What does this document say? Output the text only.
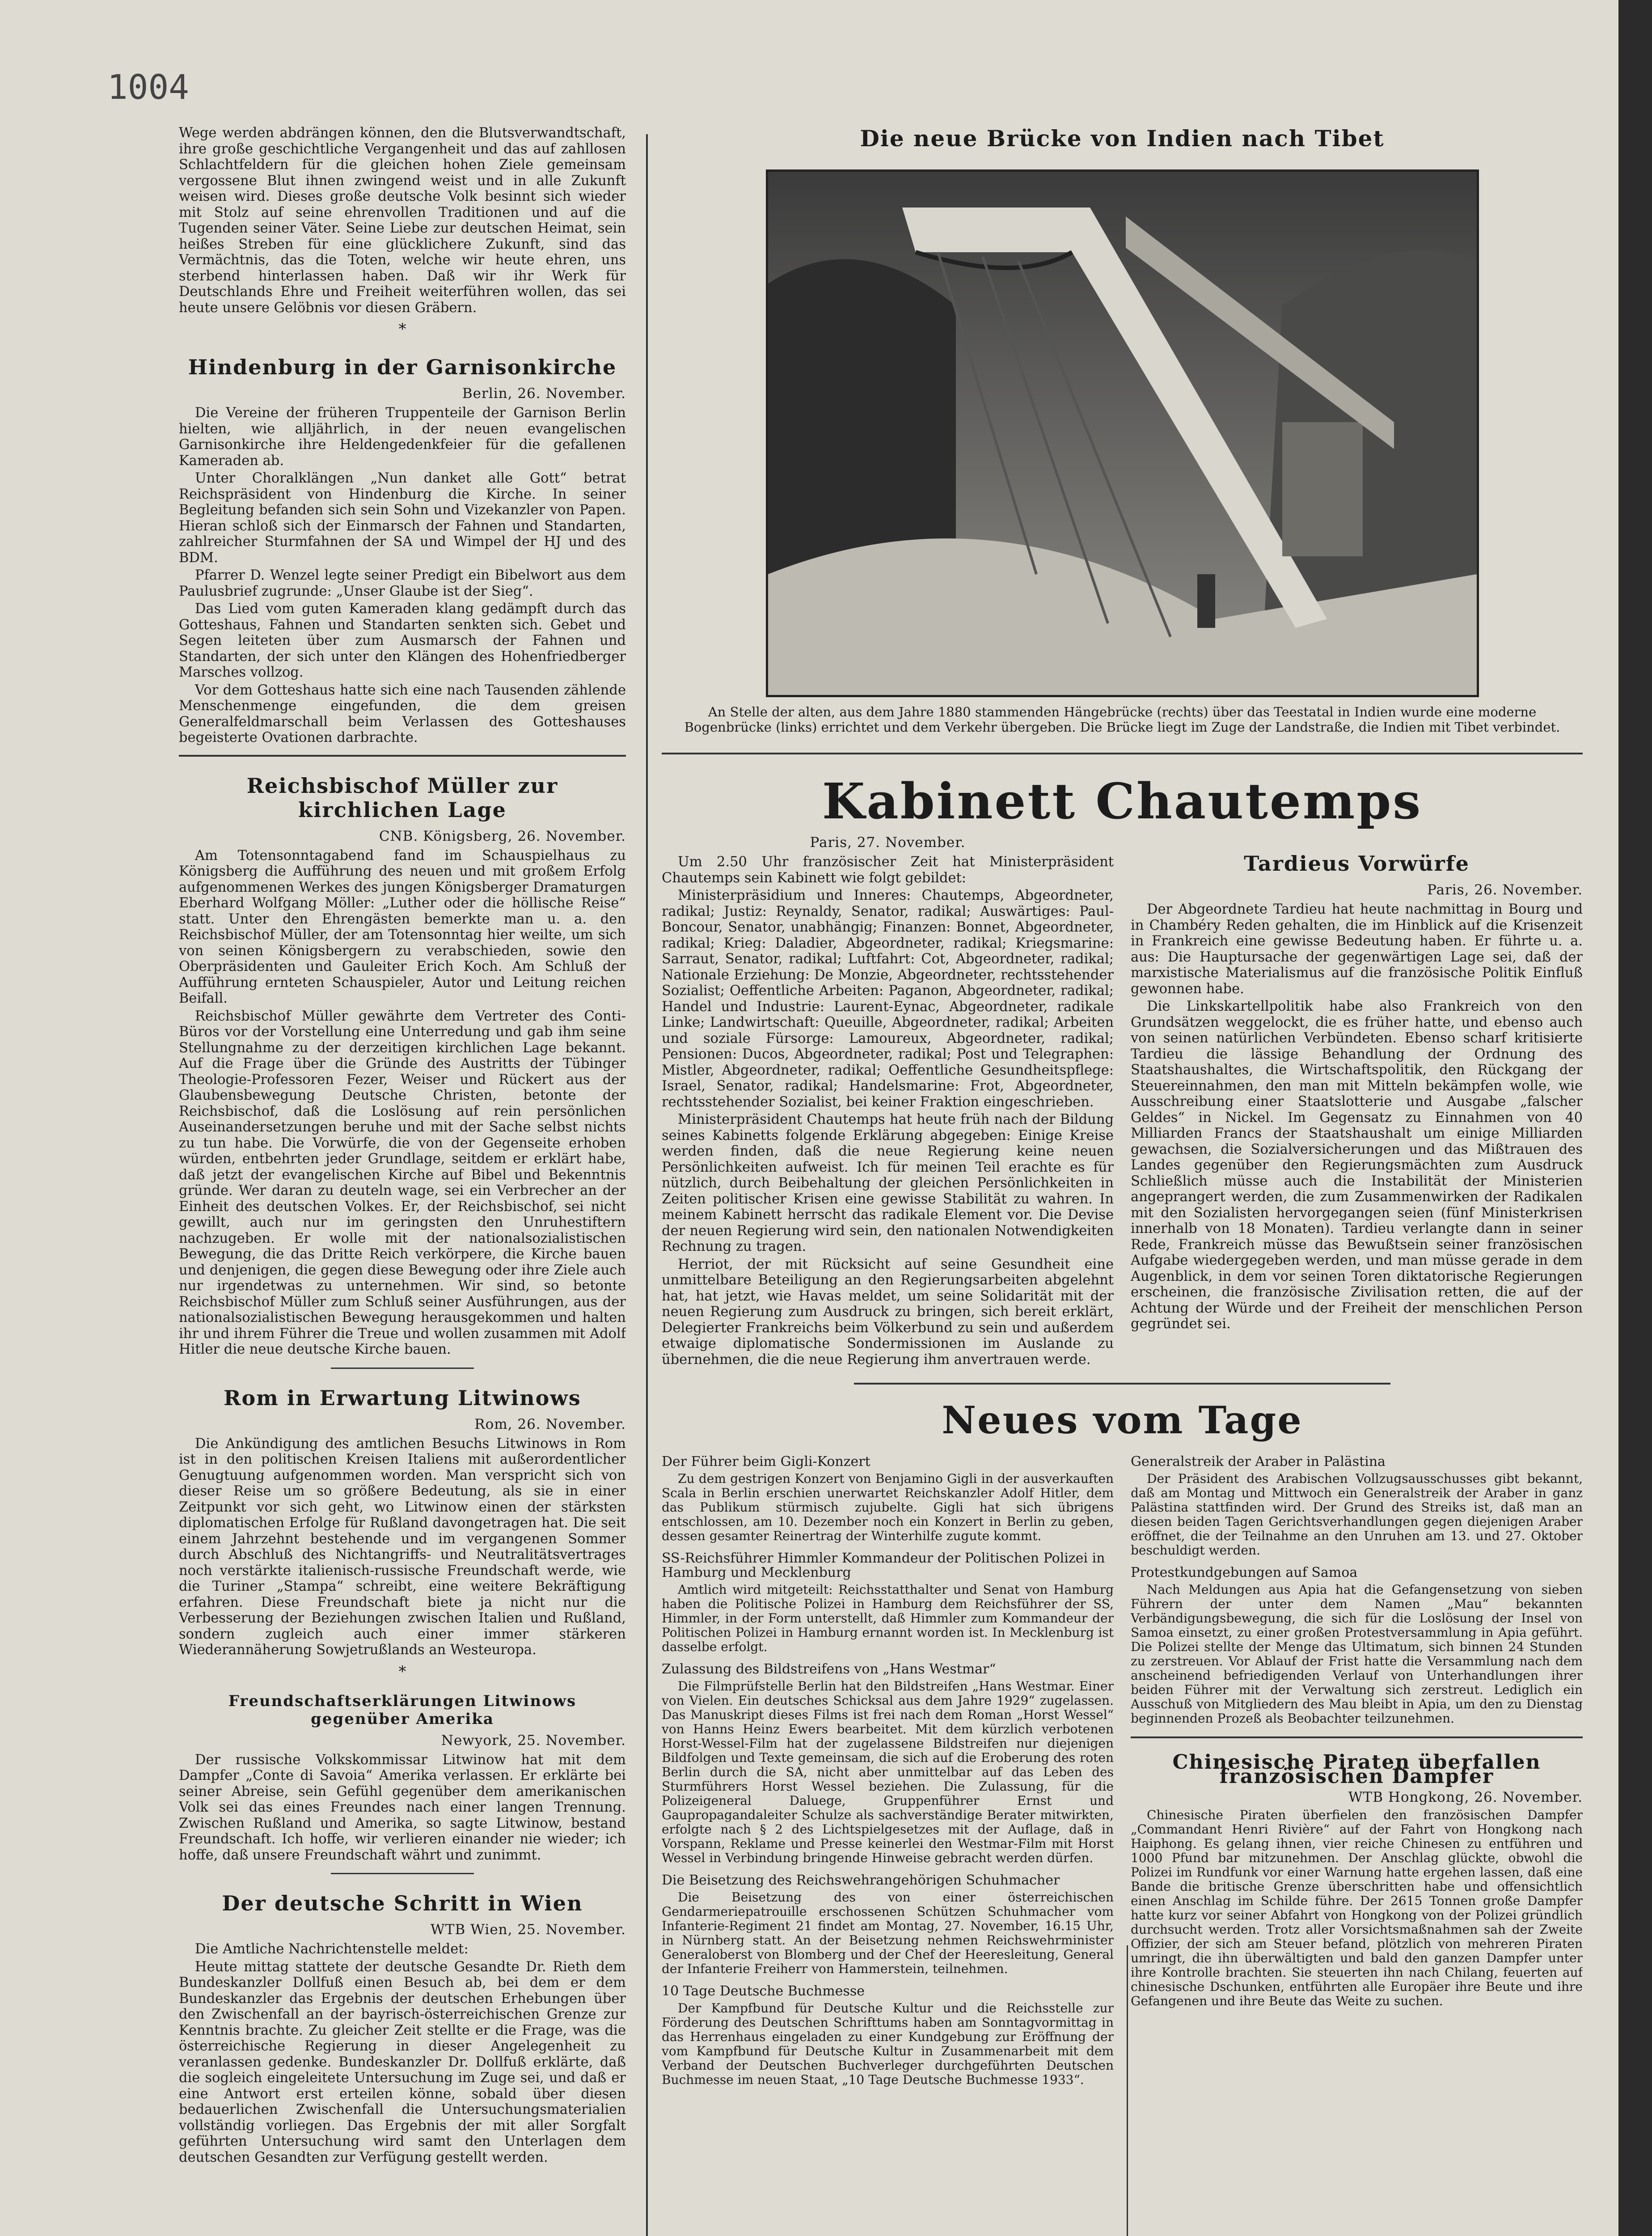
1004

Wege werden abdrängen können, den die Blutsverwandtschaft, ihre große geschichtliche Vergangenheit und das auf zahllosen Schlachtfeldern für die gleichen hohen Ziele gemeinsam vergossene Blut ihnen zwingend weist und in alle Zukunft weisen wird. Dieses große deutsche Volk besinnt sich wieder mit Stolz auf seine ehrenvollen Traditionen und auf die Tugenden seiner Väter. Seine Liebe zur deutschen Heimat, sein heißes Streben für eine glücklichere Zukunft, sind das Vermächtnis, das die Toten, welche wir heute ehren, uns sterbend hinterlassen haben. Daß wir ihr Werk für Deutschlands Ehre und Freiheit weiterführen wollen, das sei heute unsere Gelöbnis vor diesen Gräbern.

*
Hindenburg in der Garnisonkirche
Berlin, 26. November.

Die Vereine der früheren Truppenteile der Garnison Berlin hielten, wie alljährlich, in der neuen evangelischen Garnisonkirche ihre Heldengedenkfeier für die gefallenen Kameraden ab.

Unter Choralklängen „Nun danket alle Gott“ betrat Reichspräsident von Hindenburg die Kirche. In seiner Begleitung befanden sich sein Sohn und Vizekanzler von Papen. Hieran schloß sich der Einmarsch der Fahnen und Standarten, zahlreicher Sturmfahnen der SA und Wimpel der HJ und des BDM.

Pfarrer D. Wenzel legte seiner Predigt ein Bibelwort aus dem Paulusbrief zugrunde: „Unser Glaube ist der Sieg“.

Das Lied vom guten Kameraden klang gedämpft durch das Gotteshaus, Fahnen und Standarten senkten sich. Gebet und Segen leiteten über zum Ausmarsch der Fahnen und Standarten, der sich unter den Klängen des Hohenfriedberger Marsches vollzog.

Vor dem Gotteshaus hatte sich eine nach Tausenden zählende Menschenmenge eingefunden, die dem greisen Generalfeldmarschall beim Verlassen des Gotteshauses begeisterte Ovationen darbrachte.

Reichsbischof Müller zur kirchlichen Lage
CNB. Königsberg, 26. November.

Am Totensonntagabend fand im Schauspielhaus zu Königsberg die Aufführung des neuen und mit großem Erfolg aufgenommenen Werkes des jungen Königsberger Dramaturgen Eberhard Wolfgang Möller: „Luther oder die höllische Reise“ statt. Unter den Ehrengästen bemerkte man u. a. den Reichsbischof Müller, der am Totensonntag hier weilte, um sich von seinen Königsbergern zu verabschieden, sowie den Oberpräsidenten und Gauleiter Erich Koch. Am Schluß der Aufführung ernteten Schauspieler, Autor und Leitung reichen Beifall.

Reichsbischof Müller gewährte dem Vertreter des Conti-Büros vor der Vorstellung eine Unterredung und gab ihm seine Stellungnahme zu der derzeitigen kirchlichen Lage bekannt. Auf die Frage über die Gründe des Austritts der Tübinger Theologie-Professoren Fezer, Weiser und Rückert aus der Glaubensbewegung Deutsche Christen, betonte der Reichsbischof, daß die Loslösung auf rein persönlichen Auseinandersetzungen beruhe und mit der Sache selbst nichts zu tun habe. Die Vorwürfe, die von der Gegenseite erhoben würden, entbehrten jeder Grundlage, seitdem er erklärt habe, daß jetzt der evangelischen Kirche auf Bibel und Bekenntnis gründe. Wer daran zu deuteln wage, sei ein Verbrecher an der Einheit des deutschen Volkes. Er, der Reichsbischof, sei nicht gewillt, auch nur im geringsten den Unruhestiftern nachzugeben. Er wolle mit der nationalsozialistischen Bewegung, die das Dritte Reich verkörpere, die Kirche bauen und denjenigen, die gegen diese Bewegung oder ihre Ziele auch nur irgendetwas zu unternehmen. Wir sind, so betonte Reichsbischof Müller zum Schluß seiner Ausführungen, aus der nationalsozialistischen Bewegung herausgekommen und halten ihr und ihrem Führer die Treue und wollen zusammen mit Adolf Hitler die neue deutsche Kirche bauen.

Rom in Erwartung Litwinows
Rom, 26. November.

Die Ankündigung des amtlichen Besuchs Litwinows in Rom ist in den politischen Kreisen Italiens mit außerordentlicher Genugtuung aufgenommen worden. Man verspricht sich von dieser Reise um so größere Bedeutung, als sie in einer Zeitpunkt vor sich geht, wo Litwinow einen der stärksten diplomatischen Erfolge für Rußland davongetragen hat. Die seit einem Jahrzehnt bestehende und im vergangenen Sommer durch Abschluß des Nichtangriffs- und Neutralitätsvertrages noch verstärkte italienisch-russische Freundschaft werde, wie die Turiner „Stampa“ schreibt, eine weitere Bekräftigung erfahren. Diese Freundschaft biete ja nicht nur die Verbesserung der Beziehungen zwischen Italien und Rußland, sondern zugleich auch einer immer stärkeren Wiederannäherung Sowjetrußlands an Westeuropa.

*
Freundschaftserklärungen Litwinows gegenüber Amerika
Newyork, 25. November.

Der russische Volkskommissar Litwinow hat mit dem Dampfer „Conte di Savoia“ Amerika verlassen. Er erklärte bei seiner Abreise, sein Gefühl gegenüber dem amerikanischen Volk sei das eines Freundes nach einer langen Trennung. Zwischen Rußland und Amerika, so sagte Litwinow, bestand Freundschaft. Ich hoffe, wir verlieren einander nie wieder; ich hoffe, daß unsere Freundschaft währt und zunimmt.

Der deutsche Schritt in Wien
WTB Wien, 25. November.

Die Amtliche Nachrichtenstelle meldet:

Heute mittag stattete der deutsche Gesandte Dr. Rieth dem Bundeskanzler Dollfuß einen Besuch ab, bei dem er dem Bundeskanzler das Ergebnis der deutschen Erhebungen über den Zwischenfall an der bayrisch-österreichischen Grenze zur Kenntnis brachte. Zu gleicher Zeit stellte er die Frage, was die österreichische Regierung in dieser Angelegenheit zu veranlassen gedenke. Bundeskanzler Dr. Dollfuß erklärte, daß die sogleich eingeleitete Untersuchung im Zuge sei, und daß er eine Antwort erst erteilen könne, sobald über diesen bedauerlichen Zwischenfall die Untersuchungsmaterialien vollständig vorliegen. Das Ergebnis der mit aller Sorgfalt geführten Untersuchung wird samt den Unterlagen dem deutschen Gesandten zur Verfügung gestellt werden.

Die neue Brücke von Indien nach Tibet
An Stelle der alten, aus dem Jahre 1880 stammenden Hängebrücke (rechts) über das Teestatal in Indien wurde eine moderne Bogenbrücke (links) errichtet und dem Verkehr übergeben. Die Brücke liegt im Zuge der Landstraße, die Indien mit Tibet verbindet.
Kabinett Chautemps
Paris, 27. November.

Um 2.50 Uhr französischer Zeit hat Ministerpräsident Chautemps sein Kabinett wie folgt gebildet:

Ministerpräsidium und Inneres: Chautemps, Abgeordneter, radikal; Justiz: Reynaldy, Senator, radikal; Auswärtiges: Paul-Boncour, Senator, unabhängig; Finanzen: Bonnet, Abgeordneter, radikal; Krieg: Daladier, Abgeordneter, radikal; Kriegsmarine: Sarraut, Senator, radikal; Luftfahrt: Cot, Abgeordneter, radikal; Nationale Erziehung: De Monzie, Abgeordneter, rechtsstehender Sozialist; Oeffentliche Arbeiten: Paganon, Abgeordneter, radikal; Handel und Industrie: Laurent-Eynac, Abgeordneter, radikale Linke; Landwirtschaft: Queuille, Abgeordneter, radikal; Arbeiten und soziale Fürsorge: Lamoureux, Abgeordneter, radikal; Pensionen: Ducos, Abgeordneter, radikal; Post und Telegraphen: Mistler, Abgeordneter, radikal; Oeffentliche Gesundheitspflege: Israel, Senator, radikal; Handelsmarine: Frot, Abgeordneter, rechtsstehender Sozialist, bei keiner Fraktion eingeschrieben.

Ministerpräsident Chautemps hat heute früh nach der Bildung seines Kabinetts folgende Erklärung abgegeben: Einige Kreise werden finden, daß die neue Regierung keine neuen Persönlichkeiten aufweist. Ich für meinen Teil erachte es für nützlich, durch Beibehaltung der gleichen Persönlichkeiten in Zeiten politischer Krisen eine gewisse Stabilität zu wahren. In meinem Kabinett herrscht das radikale Element vor. Die Devise der neuen Regierung wird sein, den nationalen Notwendigkeiten Rechnung zu tragen.

Herriot, der mit Rücksicht auf seine Gesundheit eine unmittelbare Beteiligung an den Regierungsarbeiten abgelehnt hat, hat jetzt, wie Havas meldet, um seine Solidarität mit der neuen Regierung zum Ausdruck zu bringen, sich bereit erklärt, Delegierter Frankreichs beim Völkerbund zu sein und außerdem etwaige diplomatische Sondermissionen im Auslande zu übernehmen, die die neue Regierung ihm anvertrauen werde.

Tardieus Vorwürfe
Paris, 26. November.

Der Abgeordnete Tardieu hat heute nachmittag in Bourg und in Chambéry Reden gehalten, die im Hinblick auf die Krisenzeit in Frankreich eine gewisse Bedeutung haben. Er führte u. a. aus: Die Hauptursache der gegenwärtigen Lage sei, daß der marxistische Materialismus auf die französische Politik Einfluß gewonnen habe.

Die Linkskartellpolitik habe also Frankreich von den Grundsätzen weggelockt, die es früher hatte, und ebenso auch von seinen natürlichen Verbündeten. Ebenso scharf kritisierte Tardieu die lässige Behandlung der Ordnung des Staatshaushaltes, die Wirtschaftspolitik, den Rückgang der Steuereinnahmen, den man mit Mitteln bekämpfen wolle, wie Ausschreibung einer Staatslotterie und Ausgabe „falscher Geldes“ in Nickel. Im Gegensatz zu Einnahmen von 40 Milliarden Francs der Staatshaushalt um einige Milliarden gewachsen, die Sozialversicherungen und das Mißtrauen des Landes gegenüber den Regierungsmächten zum Ausdruck Schließlich müsse auch die Instabilität der Ministerien angeprangert werden, die zum Zusammenwirken der Radikalen mit den Sozialisten hervorgegangen seien (fünf Ministerkrisen innerhalb von 18 Monaten). Tardieu verlangte dann in seiner Rede, Frankreich müsse das Bewußtsein seiner französischen Aufgabe wiedergegeben werden, und man müsse gerade in dem Augenblick, in dem vor seinen Toren diktatorische Regierungen erscheinen, die französische Zivilisation retten, die auf der Achtung der Würde und der Freiheit der menschlichen Person gegründet sei.

Neues vom Tage
Der Führer beim Gigli-Konzert

Zu dem gestrigen Konzert von Benjamino Gigli in der ausverkauften Scala in Berlin erschien unerwartet Reichskanzler Adolf Hitler, dem das Publikum stürmisch zujubelte. Gigli hat sich übrigens entschlossen, am 10. Dezember noch ein Konzert in Berlin zu geben, dessen gesamter Reinertrag der Winterhilfe zugute kommt.

SS-Reichsführer Himmler Kommandeur der Politischen Polizei in Hamburg und Mecklenburg

Amtlich wird mitgeteilt: Reichsstatthalter und Senat von Hamburg haben die Politische Polizei in Hamburg dem Reichsführer der SS, Himmler, in der Form unterstellt, daß Himmler zum Kommandeur der Politischen Polizei in Hamburg ernannt worden ist. In Mecklenburg ist dasselbe erfolgt.

Zulassung des Bildstreifens von „Hans Westmar“

Die Filmprüfstelle Berlin hat den Bildstreifen „Hans Westmar. Einer von Vielen. Ein deutsches Schicksal aus dem Jahre 1929“ zugelassen. Das Manuskript dieses Films ist frei nach dem Roman „Horst Wessel“ von Hanns Heinz Ewers bearbeitet. Mit dem kürzlich verbotenen Horst-Wessel-Film hat der zugelassene Bildstreifen nur diejenigen Bildfolgen und Texte gemeinsam, die sich auf die Eroberung des roten Berlin durch die SA, nicht aber unmittelbar auf das Leben des Sturmführers Horst Wessel beziehen. Die Zulassung, für die Polizeigeneral Daluege, Gruppenführer Ernst und Gaupropagandaleiter Schulze als sachverständige Berater mitwirkten, erfolgte nach § 2 des Lichtspielgesetzes mit der Auflage, daß in Vorspann, Reklame und Presse keinerlei den Westmar-Film mit Horst Wessel in Verbindung bringende Hinweise gebracht werden dürfen.

Die Beisetzung des Reichswehrangehörigen Schuhmacher

Die Beisetzung des von einer österreichischen Gendarmeriepatrouille erschossenen Schützen Schuhmacher vom Infanterie-Regiment 21 findet am Montag, 27. November, 16.15 Uhr, in Nürnberg statt. An der Beisetzung nehmen Reichswehrminister Generaloberst von Blomberg und der Chef der Heeresleitung, General der Infanterie Freiherr von Hammerstein, teilnehmen.

10 Tage Deutsche Buchmesse

Der Kampfbund für Deutsche Kultur und die Reichsstelle zur Förderung des Deutschen Schrifttums haben am Sonntagvormittag in das Herrenhaus eingeladen zu einer Kundgebung zur Eröffnung der vom Kampfbund für Deutsche Kultur in Zusammenarbeit mit dem Verband der Deutschen Buchverleger durchgeführten Deutschen Buchmesse im neuen Staat, „10 Tage Deutsche Buchmesse 1933“.

Generalstreik der Araber in Palästina

Der Präsident des Arabischen Vollzugsausschusses gibt bekannt, daß am Montag und Mittwoch ein Generalstreik der Araber in ganz Palästina stattfinden wird. Der Grund des Streiks ist, daß man an diesen beiden Tagen Gerichtsverhandlungen gegen diejenigen Araber eröffnet, die der Teilnahme an den Unruhen am 13. und 27. Oktober beschuldigt werden.

Protestkundgebungen auf Samoa

Nach Meldungen aus Apia hat die Gefangensetzung von sieben Führern der unter dem Namen „Mau“ bekannten Verbändigungsbewegung, die sich für die Loslösung der Insel von Samoa einsetzt, zu einer großen Protestversammlung in Apia geführt. Die Polizei stellte der Menge das Ultimatum, sich binnen 24 Stunden zu zerstreuen. Vor Ablauf der Frist hatte die Versammlung nach dem anscheinend befriedigenden Verlauf von Unterhandlungen ihrer beiden Führer mit der Verwaltung sich zerstreut. Lediglich ein Ausschuß von Mitgliedern des Mau bleibt in Apia, um den zu Dienstag beginnenden Prozeß als Beobachter teilzunehmen.

Chinesische Piraten überfallen französischen Dampfer
WTB Hongkong, 26. November.

Chinesische Piraten überfielen den französischen Dampfer „Commandant Henri Rivière“ auf der Fahrt von Hongkong nach Haiphong. Es gelang ihnen, vier reiche Chinesen zu entführen und 1000 Pfund bar mitzunehmen. Der Anschlag glückte, obwohl die Polizei im Rundfunk vor einer Warnung hatte ergehen lassen, daß eine Bande die britische Grenze überschritten habe und offensichtlich einen Anschlag im Schilde führe. Der 2615 Tonnen große Dampfer hatte kurz vor seiner Abfahrt von Hongkong von der Polizei gründlich durchsucht werden. Trotz aller Vorsichtsmaßnahmen sah der Zweite Offizier, der sich am Steuer befand, plötzlich von mehreren Piraten umringt, die ihn überwältigten und bald den ganzen Dampfer unter ihre Kontrolle brachten. Sie steuerten ihn nach Chilang, feuerten auf chinesische Dschunken, entführten alle Europäer ihre Beute und ihre Gefangenen und ihre Beute das Weite zu suchen.
